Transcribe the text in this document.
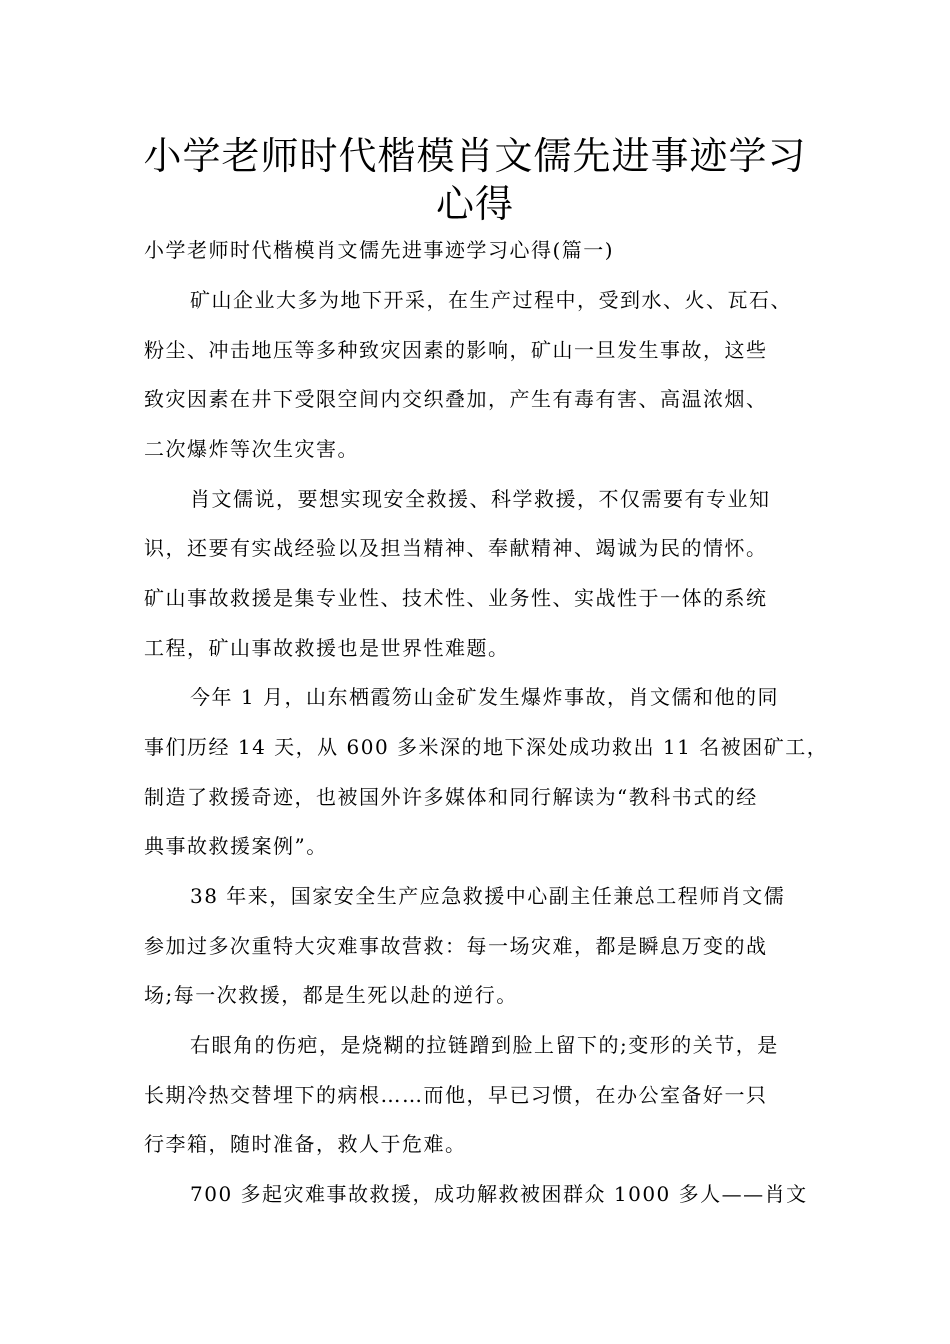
小学老师时代楷模肖文儒先进事迹学习
心得
小学老师时代楷模肖文儒先进事迹学习心得(篇一)
矿山企业大多为地下开采，在生产过程中，受到水、火、瓦石、
粉尘、冲击地压等多种致灾因素的影响，矿山一旦发生事故，这些
致灾因素在井下受限空间内交织叠加，产生有毒有害、高温浓烟、
二次爆炸等次生灾害。
肖文儒说，要想实现安全救援、科学救援，不仅需要有专业知
识，还要有实战经验以及担当精神、奉献精神、竭诚为民的情怀。
矿山事故救援是集专业性、技术性、业务性、实战性于一体的系统
工程，矿山事故救援也是世界性难题。
今年 1 月，山东栖霞笏山金矿发生爆炸事故，肖文儒和他的同
事们历经 14 天，从 600 多米深的地下深处成功救出 11 名被困矿工，
制造了救援奇迹，也被国外许多媒体和同行解读为“教科书式的经
典事故救援案例”。
38 年来，国家安全生产应急救援中心副主任兼总工程师肖文儒
参加过多次重特大灾难事故营救：每一场灾难，都是瞬息万变的战
场;每一次救援，都是生死以赴的逆行。
右眼角的伤疤，是烧糊的拉链蹭到脸上留下的;变形的关节，是
长期冷热交替埋下的病根……而他，早已习惯，在办公室备好一只
行李箱，随时准备，救人于危难。
700 多起灾难事故救援，成功解救被困群众 1000 多人——肖文
